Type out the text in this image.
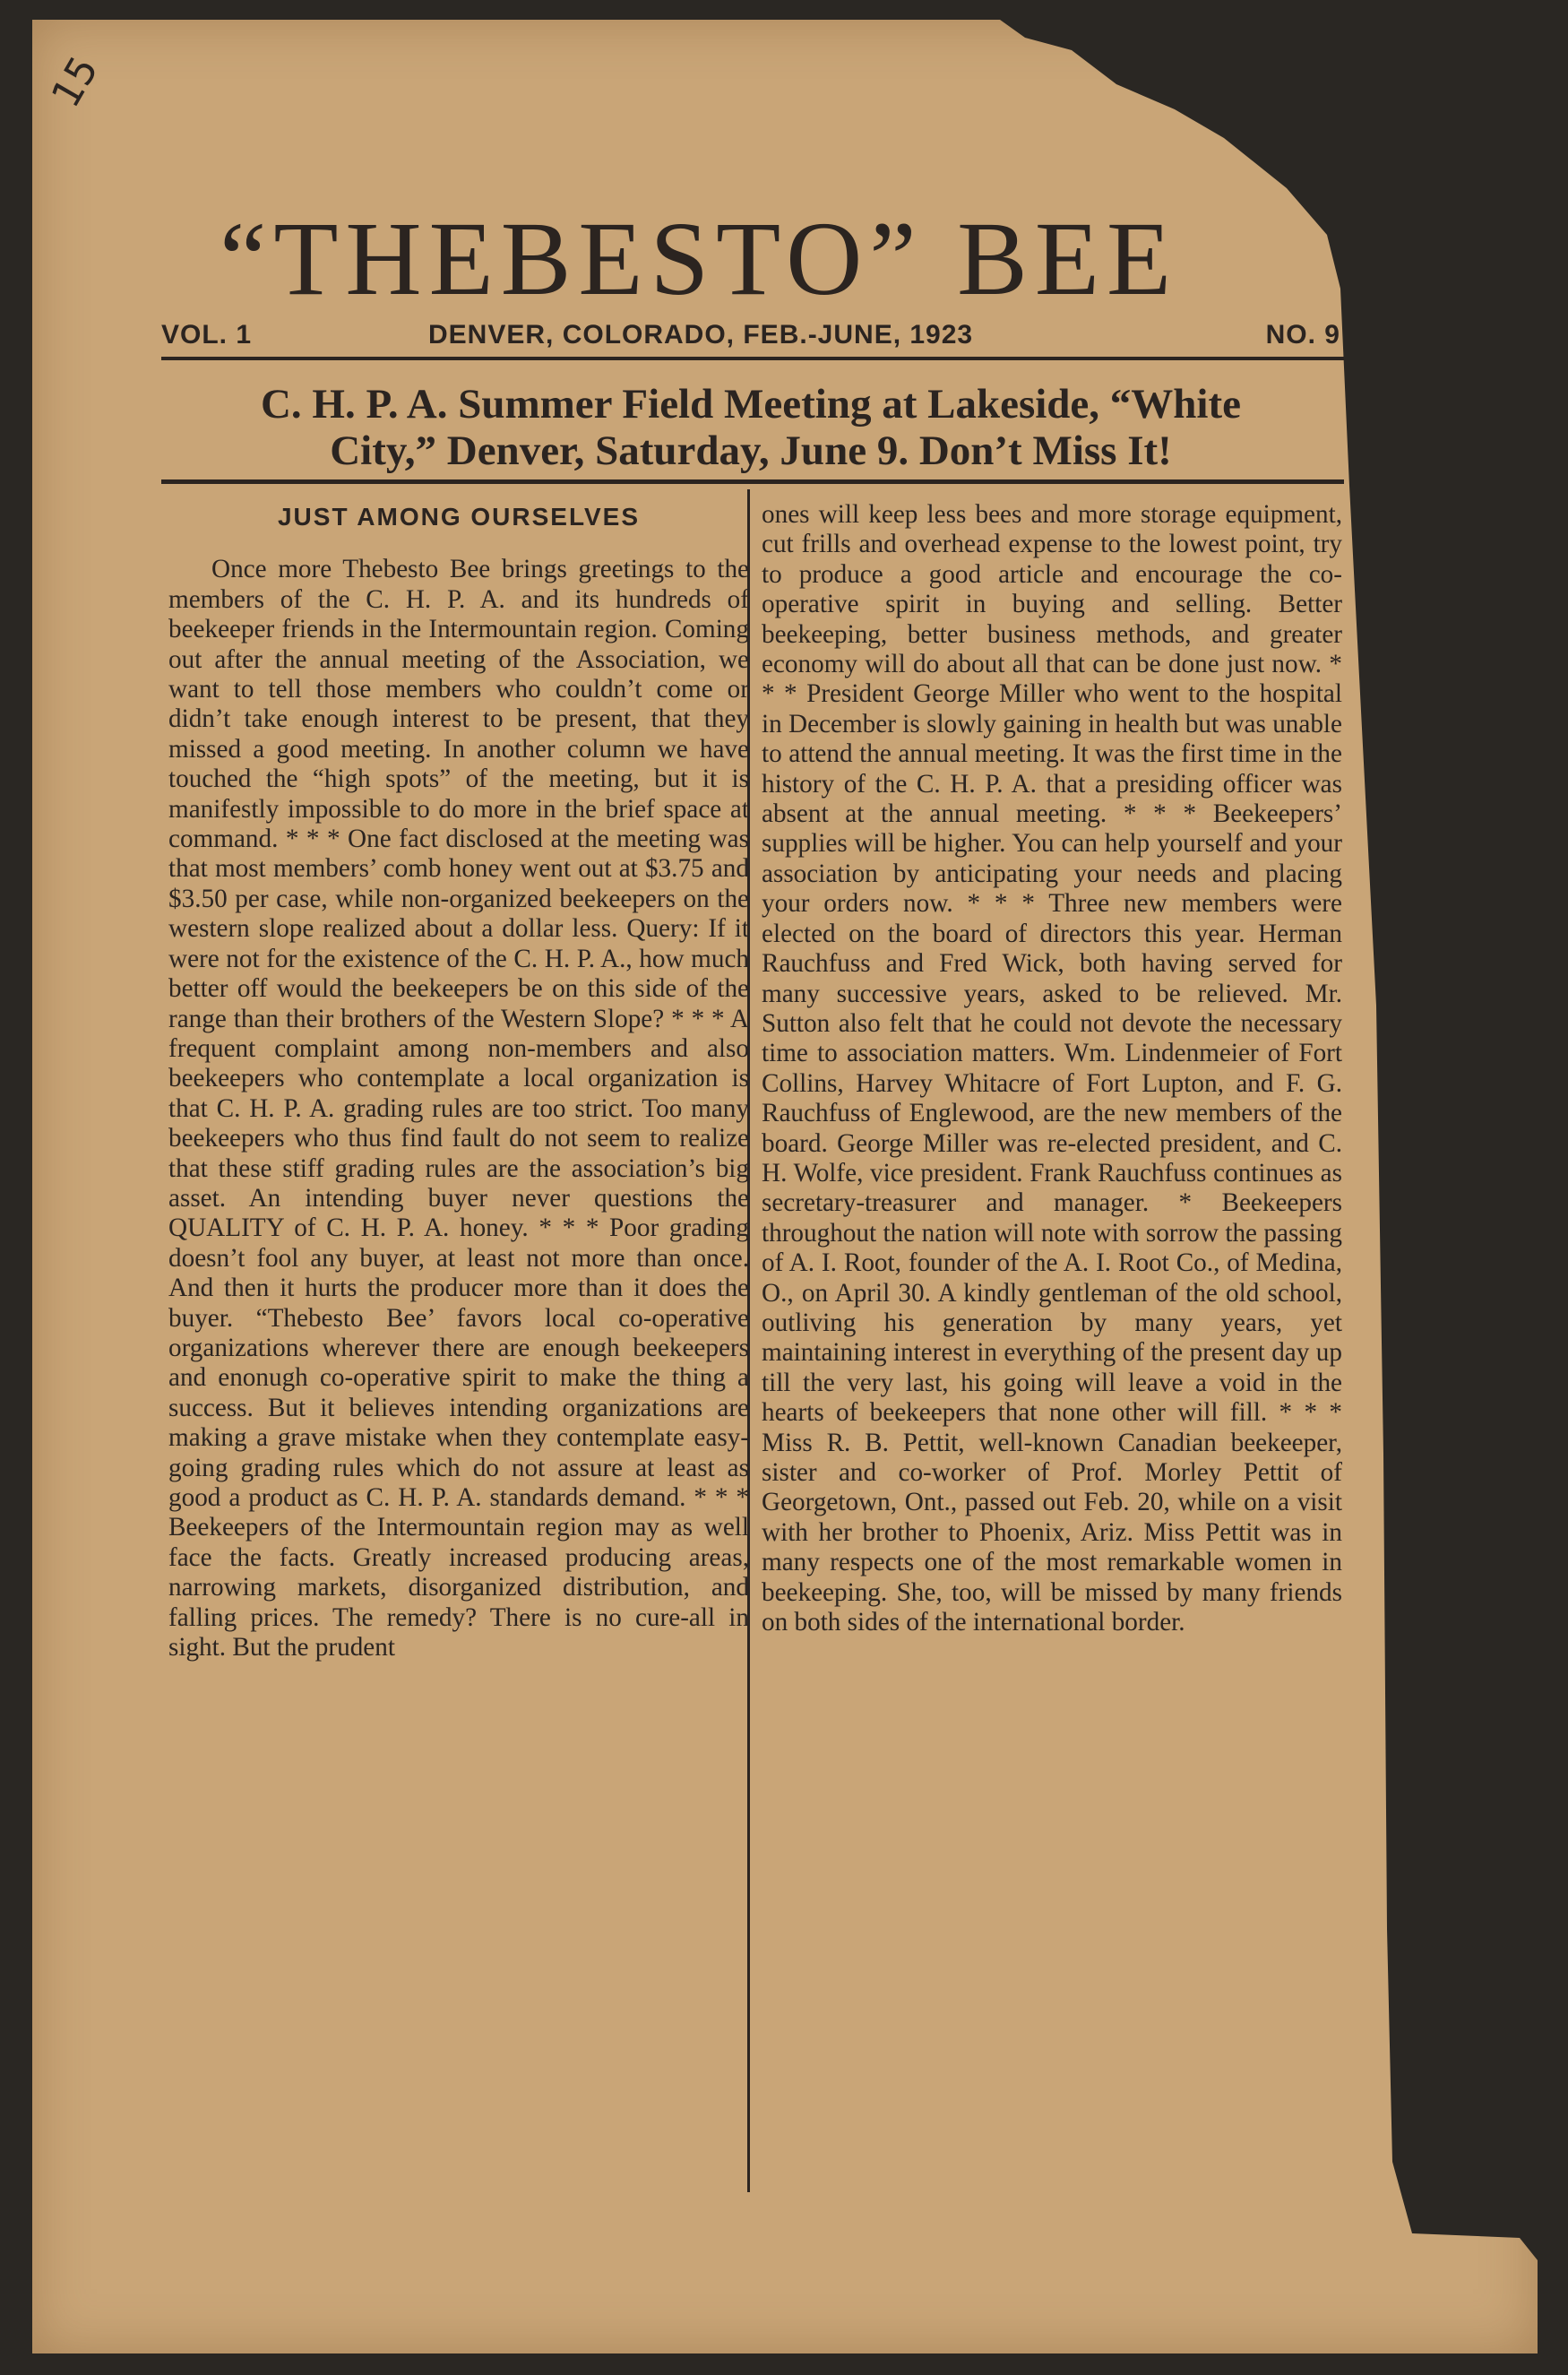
15
“THEBESTO” BEE
VOL. 1	DENVER, COLORADO, FEB.-JUNE, 1923	NO. 9
C. H. P. A. Summer Field Meeting at Lakeside, “White
City,” Denver, Saturday, June 9. Don’t Miss It!
JUST AMONG OURSELVES

Once more Thebesto Bee brings greetings to the members of the C. H. P. A. and its hundreds of beekeeper friends in the Intermountain region. Coming out after the annual meeting of the Association, we want to tell those members who couldn’t come or didn’t take enough interest to be present, that they missed a good meeting. In another column we have touched the “high spots” of the meeting, but it is manifestly impossible to do more in the brief space at command. * * * One fact disclosed at the meeting was that most members’ comb honey went out at $3.75 and $3.50 per case, while non-organized beekeepers on the western slope realized about a dollar less. Query: If it were not for the existence of the C. H. P. A., how much better off would the beekeepers be on this side of the range than their brothers of the Western Slope? * * * A frequent complaint among non-members and also beekeepers who contemplate a local organization is that C. H. P. A. grading rules are too strict. Too many beekeepers who thus find fault do not seem to realize that these stiff grading rules are the association’s big asset. An intending buyer never questions the QUALITY of C. H. P. A. honey. * * * Poor grading doesn’t fool any buyer, at least not more than once. And then it hurts the producer more than it does the buyer. “Thebesto Bee’ favors local co-operative organizations wherever there are enough beekeepers and enonugh co-operative spirit to make the thing a success. But it believes intending organizations are making a grave mistake when they contemplate easy-going grading rules which do not assure at least as good a product as C. H. P. A. standards demand. * * * Beekeepers of the Intermountain region may as well face the facts. Greatly increased producing areas, narrowing markets, disorganized distribution, and falling prices. The remedy? There is no cure-all in sight. But the prudent

ones will keep less bees and more storage equipment, cut frills and overhead expense to the lowest point, try to produce a good article and encourage the co-operative spirit in buying and selling. Better beekeeping, better business methods, and greater economy will do about all that can be done just now. * * * President George Miller who went to the hospital in December is slowly gaining in health but was unable to attend the annual meeting. It was the first time in the history of the C. H. P. A. that a presiding officer was absent at the annual meeting. * * * Beekeepers’ supplies will be higher. You can help yourself and your association by anticipating your needs and placing your orders now. * * * Three new members were elected on the board of directors this year. Herman Rauchfuss and Fred Wick, both having served for many successive years, asked to be relieved. Mr. Sutton also felt that he could not devote the necessary time to association matters. Wm. Lindenmeier of Fort Collins, Harvey Whitacre of Fort Lupton, and F. G. Rauchfuss of Englewood, are the new members of the board. George Miller was re-elected president, and C. H. Wolfe, vice president. Frank Rauchfuss continues as secretary-treasurer and manager. * Beekeepers throughout the nation will note with sorrow the passing of A. I. Root, founder of the A. I. Root Co., of Medina, O., on April 30. A kindly gentleman of the old school, outliving his generation by many years, yet maintaining interest in everything of the present day up till the very last, his going will leave a void in the hearts of beekeepers that none other will fill. * * * Miss R. B. Pettit, well-known Canadian beekeeper, sister and co-worker of Prof. Morley Pettit of Georgetown, Ont., passed out Feb. 20, while on a visit with her brother to Phoenix, Ariz. Miss Pettit was in many respects one of the most remarkable women in beekeeping. She, too, will be missed by many friends on both sides of the international border.
